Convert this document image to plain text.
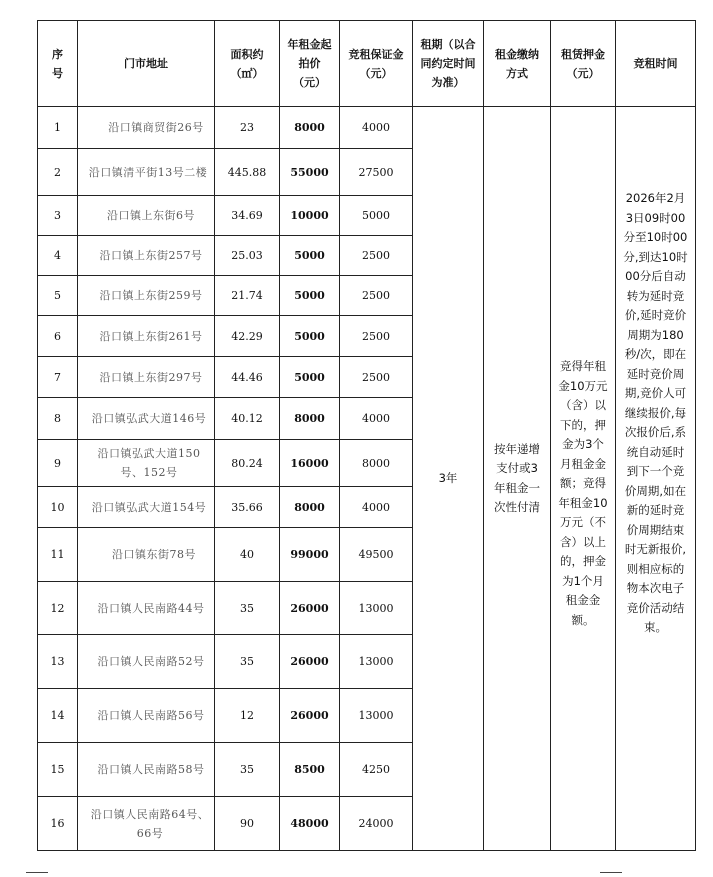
序号	门市地址	面积约（㎡）	年租金起拍价（元）	竞租保证金（元）	租期（以合同约定时间为准）	租金缴纳方式	租赁押金（元）	竞租时间
1	沿口镇商贸街26号	23	8000	4000	3年	按年递增支付或3年租金一次性付清	竞得年租金10万元（含）以下的，押金为3个月租金金额；竞得年租金10万元（不含）以上的，押金为1个月租金金额。	2026年2月3日09时00分至10时00分,到达10时00分后自动转为延时竞价,延时竞价周期为180秒/次，即在延时竞价周期,竞价人可继续报价,每次报价后,系统自动延时到下一个竞价周期,如在新的延时竞价周期结束时无新报价,则相应标的物本次电子竞价活动结束。
2	沿口镇清平街13号二楼	445.88	55000	27500				
3	沿口镇上东街6号	34.69	10000	5000				
4	沿口镇上东街257号	25.03	5000	2500				
5	沿口镇上东街259号	21.74	5000	2500				
6	沿口镇上东街261号	42.29	5000	2500				
7	沿口镇上东街297号	44.46	5000	2500				
8	沿口镇弘武大道146号	40.12	8000	4000				
9	沿口镇弘武大道150号、152号	80.24	16000	8000				
10	沿口镇弘武大道154号	35.66	8000	4000				
11	沿口镇东街78号	40	99000	49500				
12	沿口镇人民南路44号	35	26000	13000				
13	沿口镇人民南路52号	35	26000	13000				
14	沿口镇人民南路56号	12	26000	13000				
15	沿口镇人民南路58号	35	8500	4250				
16	沿口镇人民南路64号、66号	90	48000	24000				
